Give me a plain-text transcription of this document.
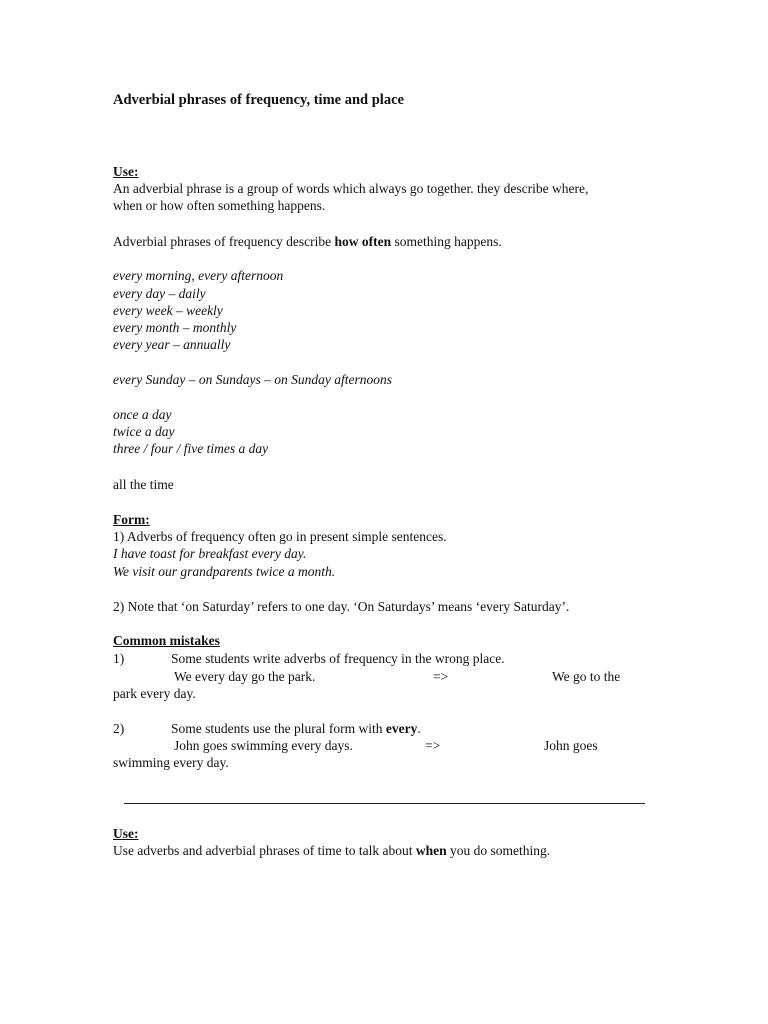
Adverbial phrases of frequency, time and place
Use:
An adverbial phrase is a group of words which always go together. they describe where,
when or how often something happens.
Adverbial phrases of frequency describe how often something happens.
every morning, every afternoon
every day – daily
every week – weekly
every month – monthly
every year – annually
every Sunday – on Sundays – on Sunday afternoons
once a day
twice a day
three / four / five times a day
all the time
Form:
1) Adverbs of frequency often go in present simple sentences.
I have toast for breakfast every day.
We visit our grandparents twice a month.
2) Note that ‘on Saturday’ refers to one day. ‘On Saturdays’ means ‘every Saturday’.
Common mistakes
1)	Some students write adverbs of frequency in the wrong place.
We every day go the park.	=>	We go to the
park every day.
2)	Some students use the plural form with every.
John goes swimming every days.	=>	John goes
swimming every day.
Use:
Use adverbs and adverbial phrases of time to talk about when you do something.
